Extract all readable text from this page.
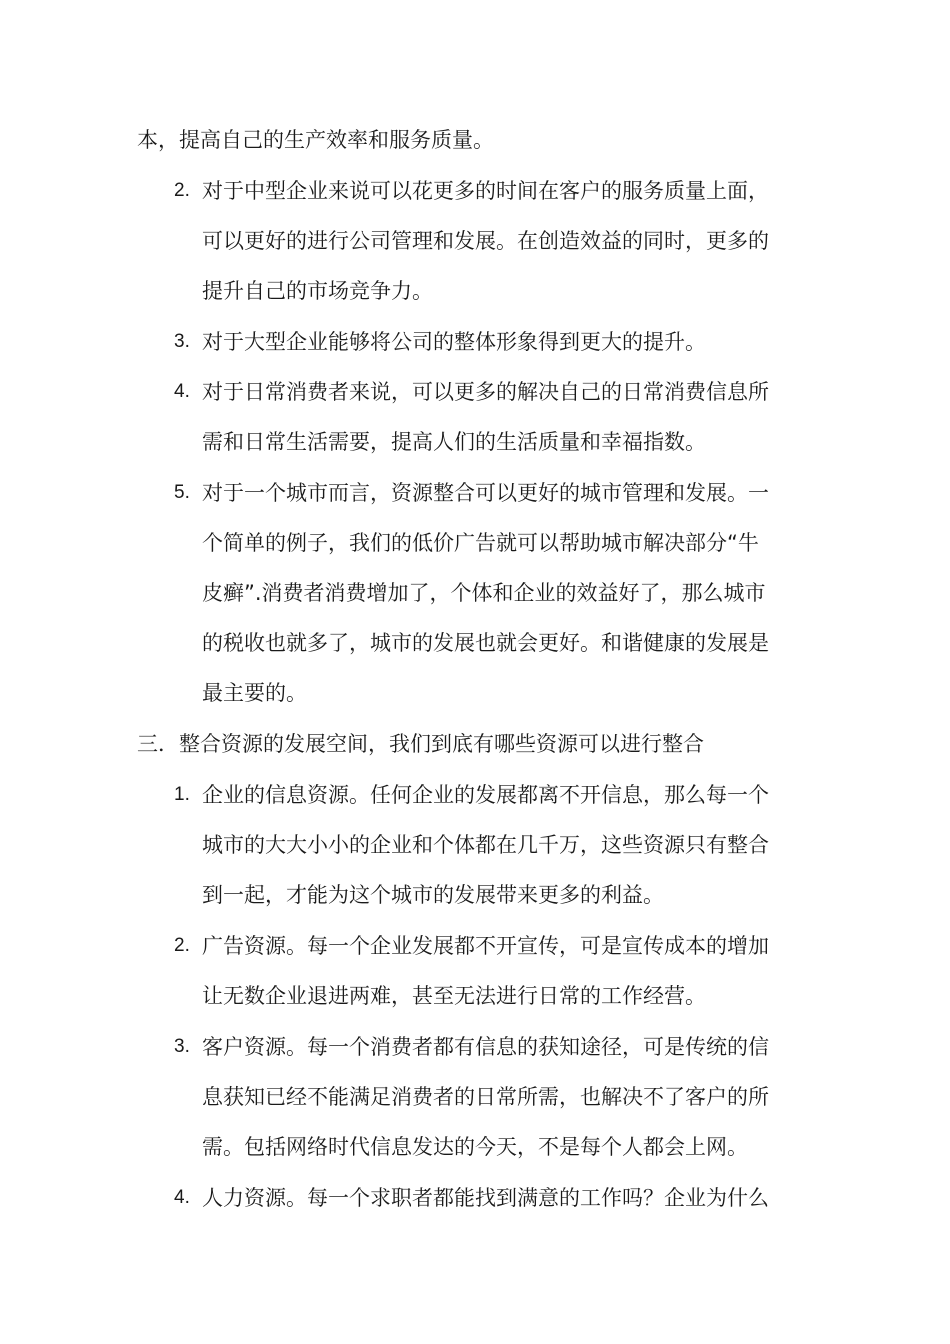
本，提高自己的生产效率和服务质量。
2. 对于中型企业来说可以花更多的时间在客户的服务质量上面，
可以更好的进行公司管理和发展。在创造效益的同时，更多的
提升自己的市场竞争力。
3. 对于大型企业能够将公司的整体形象得到更大的提升。
4. 对于日常消费者来说，可以更多的解决自己的日常消费信息所
需和日常生活需要，提高人们的生活质量和幸福指数。
5. 对于一个城市而言，资源整合可以更好的城市管理和发展。一
个简单的例子，我们的低价广告就可以帮助城市解决部分“牛
皮癣”.消费者消费增加了，个体和企业的效益好了，那么城市
的税收也就多了，城市的发展也就会更好。和谐健康的发展是
最主要的。
三．整合资源的发展空间，我们到底有哪些资源可以进行整合
1. 企业的信息资源。任何企业的发展都离不开信息，那么每一个
城市的大大小小的企业和个体都在几千万，这些资源只有整合
到一起，才能为这个城市的发展带来更多的利益。
2. 广告资源。每一个企业发展都不开宣传，可是宣传成本的增加
让无数企业退进两难，甚至无法进行日常的工作经营。
3. 客户资源。每一个消费者都有信息的获知途径，可是传统的信
息获知已经不能满足消费者的日常所需，也解决不了客户的所
需。包括网络时代信息发达的今天，不是每个人都会上网。
4. 人力资源。每一个求职者都能找到满意的工作吗？企业为什么
